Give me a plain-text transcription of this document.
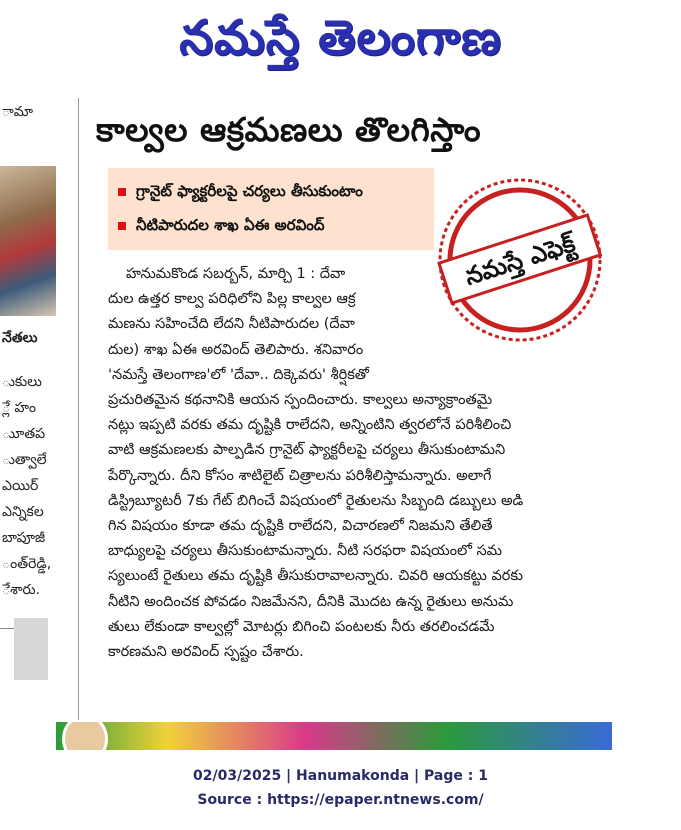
నమస్తే తెలంగాణ
ామా
నేతలు
ుకులు
్లే హం
ుూతప
ుత్వాలే
ఎయిర్
ఎన్నికల
బాపూజీ
ంత్‌రెడ్డి,
ేశారు.
కాల్వల ఆక్రమణలు తొలగిస్తాం
గ్రానైట్ ఫ్యాక్టరీలపై చర్యలు తీసుకుంటాం
నీటిపారుదల శాఖ ఏఈ అరవింద్
నమస్తే ఎఫెక్ట్
హనుమకొండ సబర్బన్, మార్చి 1 : దేవా
దుల ఉత్తర కాల్వ పరిధిలోని పిల్ల కాల్వల ఆక్ర
మణను సహించేది లేదని నీటిపారుదల (దేవా
దుల) శాఖ ఏఈ అరవింద్ తెలిపారు. శనివారం
'నమస్తే తెలంగాణ'లో 'దేవా.. దిక్కెవరు' శీర్షికతో
ప్రచురితమైన కథనానికి ఆయన స్పందించారు. కాల్వలు అన్యాక్రాంతమై
నట్లు ఇప్పటి వరకు తమ దృష్టికి రాలేదని, అన్నింటిని త్వరలోనే పరిశీలించి
వాటి ఆక్రమణలకు పాల్పడిన గ్రానైట్ ఫ్యాక్టరీలపై చర్యలు తీసుకుంటామని
పేర్కొన్నారు. దీని కోసం శాటిలైట్ చిత్రాలను పరిశీలిస్తామన్నారు. అలాగే
డిస్ట్రిబ్యూటరీ 7కు గేట్ బిగించే విషయంలో రైతులను సిబ్బంది డబ్బులు అడి
గిన విషయం కూడా తమ దృష్టికి రాలేదని, విచారణలో నిజమని తేలితే
బాధ్యులపై చర్యలు తీసుకుంటామన్నారు. నీటి సరఫరా విషయంలో సమ
స్యలుంటే రైతులు తమ దృష్టికి తీసుకురావాలన్నారు. చివరి ఆయకట్టు వరకు
నీటిని అందించక పోవడం నిజమేనని, దీనికి మొదట ఉన్న రైతులు అనుమ
తులు లేకుండా కాల్వల్లో మోటర్లు బిగించి పంటలకు నీరు తరలించడమే
కారణమని అరవింద్ స్పష్టం చేశారు.
02/03/2025 | Hanumakonda | Page : 1
Source : https://epaper.ntnews.com/
